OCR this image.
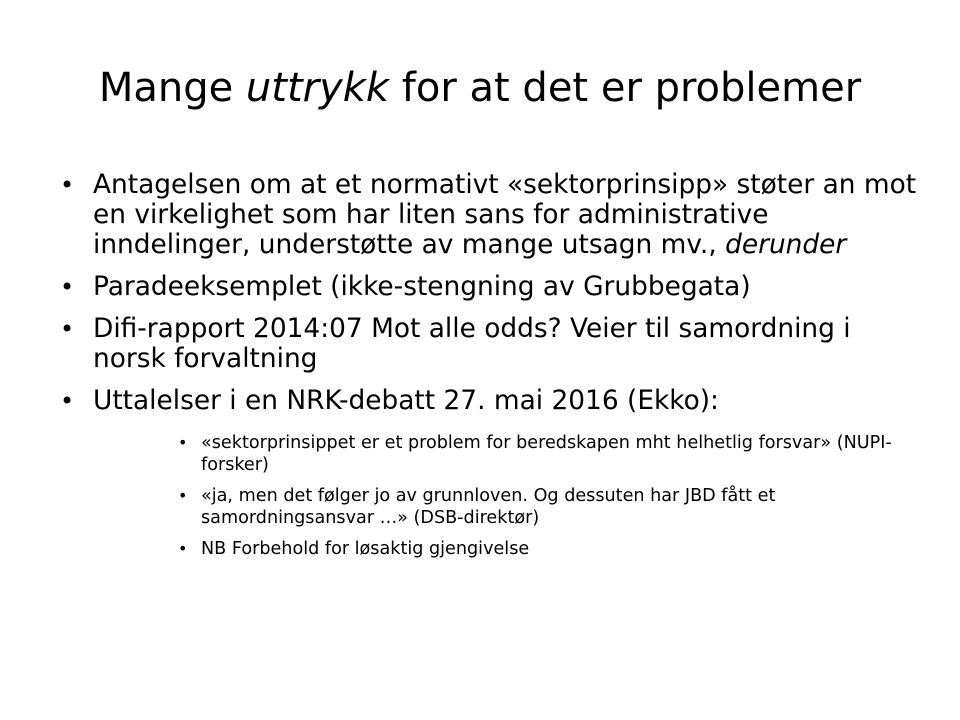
Mange uttrykk for at det er problemer
• Antagelsen om at et normativt «sektorprinsipp» støter an mot en virkelighet som har liten sans for administrative inndelinger, understøtte av mange utsagn mv., derunder
• Paradeeksemplet (ikke-stengning av Grubbegata)
• Difi-rapport 2014:07 Mot alle odds? Veier til samordning i norsk forvaltning
• Uttalelser i en NRK-debatt 27. mai 2016 (Ekko):
• «sektorprinsippet er et problem for beredskapen mht helhetlig forsvar» (NUPI-forsker)
• «ja, men det følger jo av grunnloven. Og dessuten har JBD fått et samordningsansvar …» (DSB-direktør)
• NB Forbehold for løsaktig gjengivelse
